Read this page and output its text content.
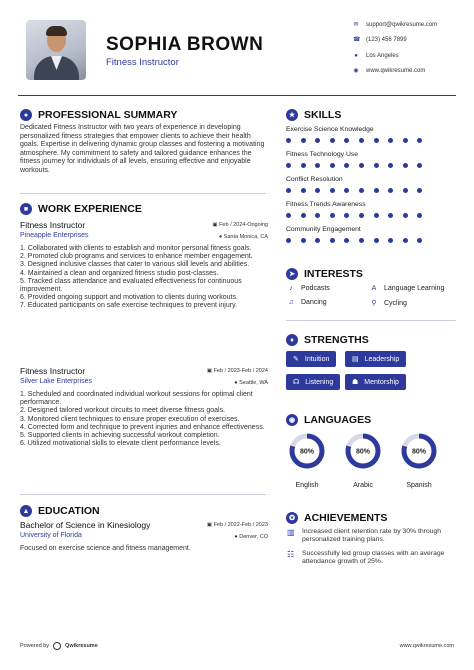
SOPHIA BROWN
Fitness Instructor
✉ support@qwikresume.com
☎ (123) 456 7899
● Los Angeles
◉ www.qwikresume.com
● PROFESSIONAL SUMMARY
Dedicated Fitness Instructor with two years of experience in developing personalized fitness strategies that empower clients to achieve their health goals. Expertise in delivering dynamic group classes and fostering a motivating atmosphere. My commitment to safety and tailored guidance enhances the fitness journey for individuals of all levels, ensuring effective and enjoyable workouts.
■ WORK EXPERIENCE
Fitness Instructor
Pineapple Enterprises
▣ Feb / 2024-Ongoing
● Santa Monica, CA
Collaborated with clients to establish and monitor personal fitness goals.
Promoted club programs and services to enhance member engagement.
Designed inclusive classes that cater to various skill levels and abilities.
Maintained a clean and organized fitness studio post-classes.
Tracked class attendance and evaluated effectiveness for continuous improvement.
Provided ongoing support and motivation to clients during workouts.
Educated participants on safe exercise techniques to prevent injury.
Fitness Instructor
Silver Lake Enterprises
▣ Feb / 2023-Feb / 2024
● Seattle, WA
Scheduled and coordinated individual workout sessions for optimal client performance.
Designed tailored workout circuits to meet diverse fitness goals.
Monitored client techniques to ensure proper execution of exercises.
Corrected form and technique to prevent injuries and enhance effectiveness.
Supported clients in achieving successful workout completion.
Utilized motivational skills to elevate client performance levels.
▲ EDUCATION
Bachelor of Science in Kinesiology
University of Florida
▣ Feb / 2022-Feb / 2023
● Denver, CO
Focused on exercise science and fitness management.
★ SKILLS
Exercise Science Knowledge
Fitness Technology Use
Conflict Resolution
Fitness Trends Awareness
Community Engagement
➤ INTERESTS
♪	Podcasts	A Language Learning
♫ Dancing	⚲ Cycling
♦ STRENGTHS
✎ Intuition	▤ Leadership
☊ Listening	☗ Mentorship
◉ LANGUAGES
80%
English
80%
Arabic
80%
Spanish
✪ ACHIEVEMENTS
▥ Increased client retention rate by 30% through personalized training plans.
☷ Successfully led group classes with an average attendance growth of 25%.
Powered by	Qwikresume	www.qwikresume.com
